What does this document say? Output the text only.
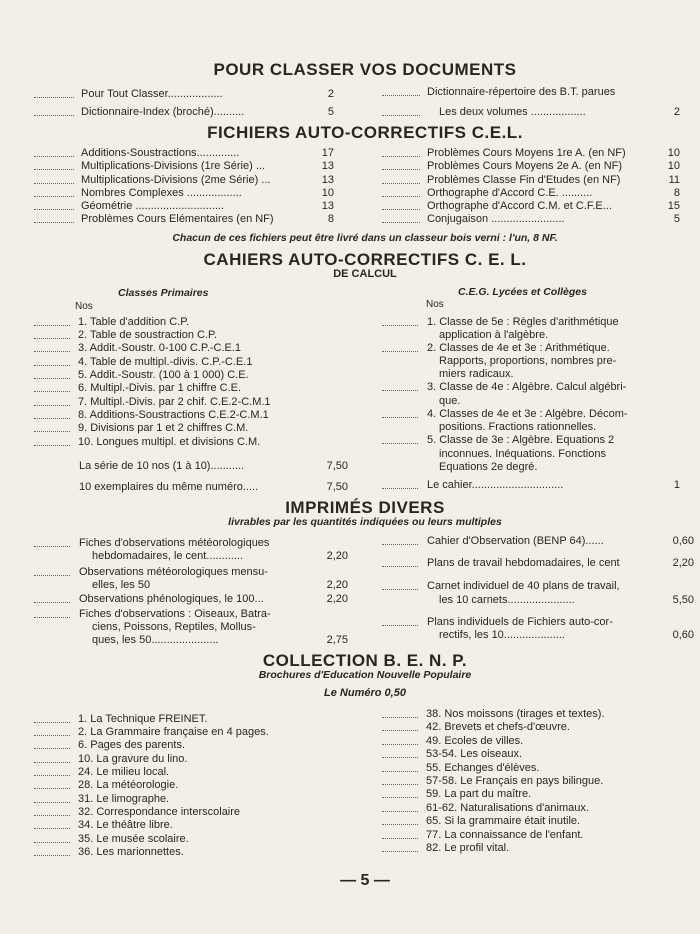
POUR CLASSER VOS DOCUMENTS
Pour Tout Classer..................	2
Dictionnaire-Index (broché)..........	5
Dictionnaire-répertoire des B.T. parues
Les deux volumes ..................	2
FICHIERS AUTO-CORRECTIFS C.E.L.
Additions-Soustractions..............	17	Problèmes Cours Moyens 1re A. (en NF)	10
Multiplications-Divisions (1re Série) ...	13	Problèmes Cours Moyens 2e A. (en NF)	10
Multiplications-Divisions (2me Série) ...	13	Problèmes Classe Fin d'Etudes (en NF)	11
Nombres Complexes ..................	10	Orthographe d'Accord C.E. ..........	8
Géométrie .............................	13	Orthographe d'Accord C.M. et C.F.E...	15
Problèmes Cours Elémentaires (en NF)	8	Conjugaison ........................	5
Chacun de ces fichiers peut être livré dans un classeur bois verni : l'un, 8 NF.
CAHIERS AUTO-CORRECTIFS C. E. L.
DE CALCUL
Classes Primaires	C.E.G. Lycées et Collèges
Nos	Nos
1. Table d'addition C.P.
2. Table de soustraction C.P.
3. Addit.-Soustr. 0-100 C.P.-C.E.1
4. Table de multipl.-divis. C.P.-C.E.1
5. Addit.-Soustr. (100 à 1 000) C.E.
6. Multipl.-Divis. par 1 chiffre C.E.
7. Multipl.-Divis. par 2 chif. C.E.2-C.M.1
8. Additions-Soustractions C.E.2-C.M.1
9. Divisions par 1 et 2 chiffres C.M.
10. Longues multipl. et divisions C.M.
La série de 10 nos (1 à 10)...........	7,50
10 exemplaires du même numéro.....	7,50
1. Classe de 5e : Règles d'arithmétique
application à l'algèbre.
2. Classes de 4e et 3e : Arithmétique.
Rapports, proportions, nombres pre-
miers radicaux.
3. Classe de 4e : Algèbre. Calcul algébri-
que.
4. Classes de 4e et 3e : Algèbre. Décom-
positions. Fractions rationnelles.
5. Classe de 3e : Algèbre. Equations 2
inconnues. Inéquations. Fonctions
Equations 2e degré.
Le cahier..............................	1
IMPRIMÉS DIVERS
livrables par les quantités indiquées ou leurs multiples
Fiches d'observations météorologiques
hebdomadaires, le cent............	2,20
Observations météorologiques mensu-
elles, les 50	2,20
Observations phénologiques, le 100...	2,20
Fiches d'observations : Oiseaux, Batra-
ciens, Poissons, Reptiles, Mollus-
ques, les 50......................	2,75
Cahier d'Observation (BENP 64)......	0,60
Plans de travail hebdomadaires, le cent	2,20
Carnet individuel de 40 plans de travail,
les 10 carnets......................	5,50
Plans individuels de Fichiers auto-cor-
rectifs, les 10....................	0,60
COLLECTION B. E. N. P.
Brochures d'Education Nouvelle Populaire
Le Numéro 0,50
1. La Technique FREINET.
2. La Grammaire française en 4 pages.
6. Pages des parents.
10. La gravure du lino.
24. Le milieu local.
28. La météorologie.
31. Le limographe.
32. Correspondance interscolaire
34. Le théâtre libre.
35. Le musée scolaire.
36. Les marionnettes.
38. Nos moissons (tirages et textes).
42. Brevets et chefs-d'œuvre.
49. Ecoles de villes.
53-54. Les oiseaux.
55. Echanges d'élèves.
57-58. Le Français en pays bilingue.
59. La part du maître.
61-62. Naturalisations d'animaux.
65. Si la grammaire était inutile.
77. La connaissance de l'enfant.
82. Le profil vital.
— 5 —
